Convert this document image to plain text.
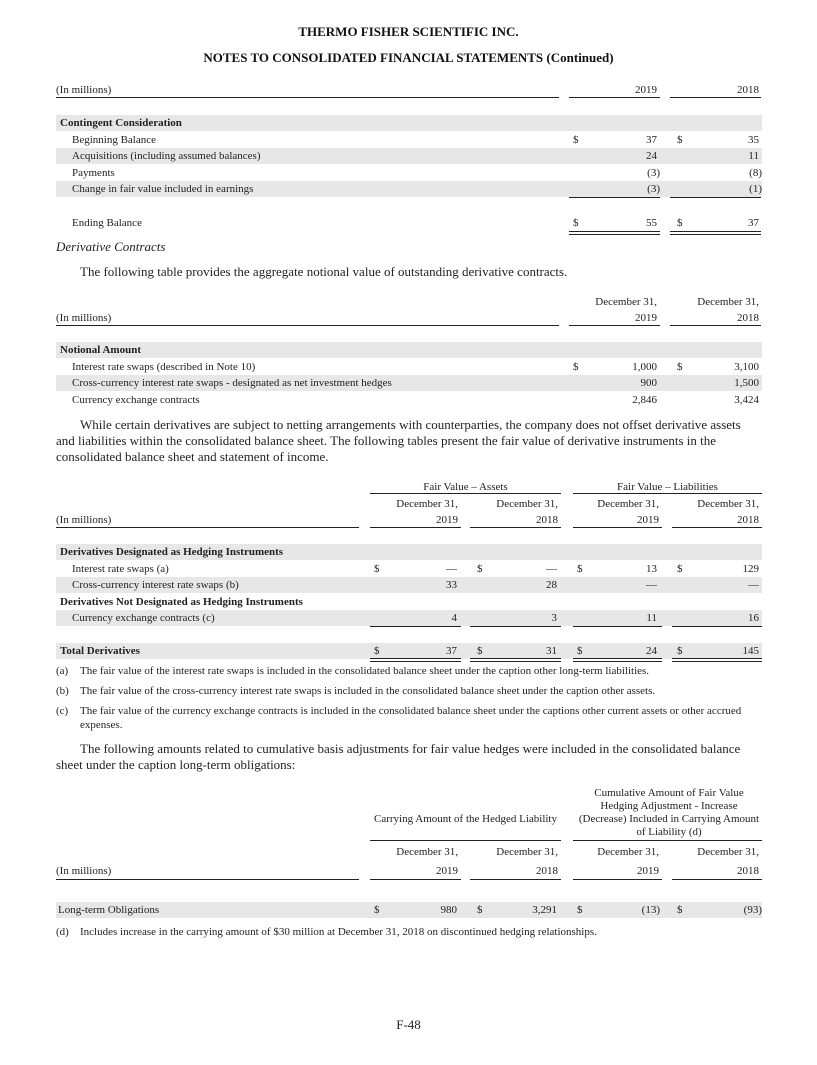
THERMO FISHER SCIENTIFIC INC.
NOTES TO CONSOLIDATED FINANCIAL STATEMENTS (Continued)
(In millions)	2019	2018
Contingent Consideration
Beginning Balance	$	37 $	35
Acquisitions (including assumed balances)	24	11
Payments	(3)	(8)
Change in fair value included in earnings	(3)	(1)
Ending Balance	$	55 $	37
Derivative Contracts
The following table provides the aggregate notional value of outstanding derivative contracts.
December 31,	December 31,
(In millions)	2019	2018
Notional Amount
Interest rate swaps (described in Note 10)	$	1,000 $	3,100
Cross-currency interest rate swaps - designated as net investment hedges	900	1,500
Currency exchange contracts	2,846	3,424
While certain derivatives are subject to netting arrangements with counterparties, the company does not offset derivative assets and liabilities within the consolidated balance sheet. The following tables present the fair value of derivative instruments in the consolidated balance sheet and statement of income.
Fair Value – Assets	Fair Value – Liabilities
December 31,	December 31,	December 31,	December 31,
(In millions)	2019	2018	2019	2018
Derivatives Designated as Hedging Instruments
Interest rate swaps (a)	$	— $	— $	13 $	129
Cross-currency interest rate swaps (b)	33	28	—	—
Derivatives Not Designated as Hedging Instruments
Currency exchange contracts (c)	4	3	11	16
Total Derivatives	$	37 $	31 $	24 $	145
(a) The fair value of the interest rate swaps is included in the consolidated balance sheet under the caption other long-term liabilities.
(b) The fair value of the cross-currency interest rate swaps is included in the consolidated balance sheet under the caption other assets.
(c) The fair value of the currency exchange contracts is included in the consolidated balance sheet under the captions other current assets or other accrued expenses.
The following amounts related to cumulative basis adjustments for fair value hedges were included in the consolidated balance sheet under the caption long-term obligations:
Carrying Amount of the Hedged Liability
Cumulative Amount of Fair Value Hedging Adjustment - Increase (Decrease) Included in Carrying Amount of Liability (d)
December 31,	December 31,	December 31,	December 31,
(In millions)	2019	2018	2019	2018
Long-term Obligations	$	980 $	3,291 $	(13) $	(93)
(d) Includes increase in the carrying amount of $30 million at December 31, 2018 on discontinued hedging relationships.
F-48
